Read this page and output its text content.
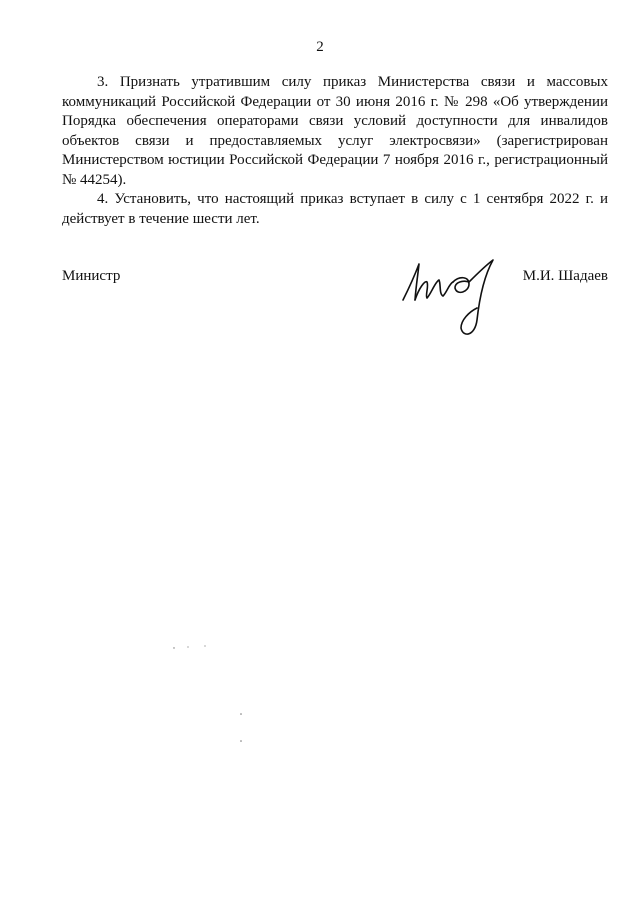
2

3. Признать утратившим силу приказ Министерства связи и массовых коммуникаций Российской Федерации от 30 июня 2016 г. № 298 «Об утверждении Порядка обеспечения операторами связи условий доступности для инвалидов объектов связи и предоставляемых услуг электросвязи» (зарегистрирован Министерством юстиции Российской Федерации 7 ноября 2016 г., регистрационный № 44254).

4. Установить, что настоящий приказ вступает в силу с 1 сентября 2022 г. и действует в течение шести лет.

Министр	М.И. Шадаев
